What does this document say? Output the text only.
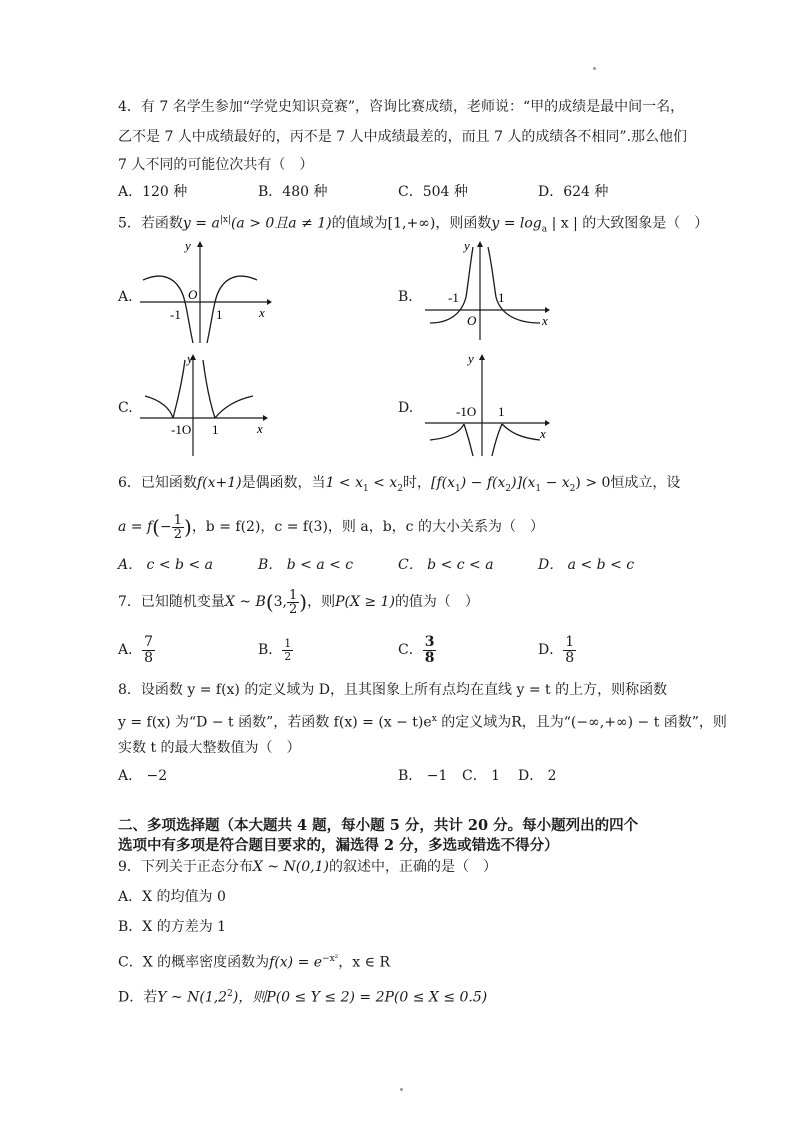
4．有 7 名学生参加“学党史知识竞赛”，咨询比赛成绩，老师说：“甲的成绩是最中间一名，
乙不是 7 人中成绩最好的，丙不是 7 人中成绩最差的，而且 7 人的成绩各不相同”.那么他们
7 人不同的可能位次共有（　）
A．120 种	B．480 种	C．504 种	D．624 种
5．若函数$y = a^{|x|}(a > 0$且a ≠ 1)的值域为[1,+∞)，则函数$y = \log_a$ | x | 的大致图象是（　）
A.	B.
C.	D.
y
x
O
-1	1
y
x
O
-1	1
y
x
-1O 1
y
x
-1O 1
6．已知函数f(x+1)是偶函数，当$1 < x_1 < x_2$时，$[f(x_1) - f(x_2)](x_1 - x_2) > 0$恒成立，设
$a = f(- \frac{1}{2}$ )，b = f(2)，c = f(3)，则 a，b，c 的大小关系为（　）
A． c < b < a	B． b < a < c	C． b < c < a	D． a < b < c
7．已知随机变量X ~ B(3, $\frac{1}{2}$ )，则P(X ≥ 1)的值为（　）
A． $\frac{7}{8}$	B． $\frac{1}{2}$	C． $\frac{3}{8}$	D． $\frac{1}{8}$
8．设函数 y = f(x) 的定义域为 D，且其图象上所有点均在直线 y = t 的上方，则称函数
y = f(x) 为“D − t 函数”，若函数 $f(x) = (x - t)e^x$ 的定义域为R，且为“(−∞,+∞) − t 函数”，则
实数 t 的最大整数值为（　）
A． −2	B． −1 C． 1 D． 2
二、多项选择题（本大题共 4 题，每小题 5 分，共计 20 分。每小题列出的四个
选项中有多项是符合题目要求的，漏选得 2 分，多选或错选不得分）
9．下列关于正态分布X ~ N(0,1)的叙述中，正确的是（　）
A．X 的均值为 0
B．X 的方差为 1
C．X 的概率密度函数为$f(x) = e^{-x^2}$，x ∈ R
D．若Y ~ $N(1,2^2)$，则P(0 ≤ Y ≤ 2) = 2P(0 ≤ X ≤ 0.5)
